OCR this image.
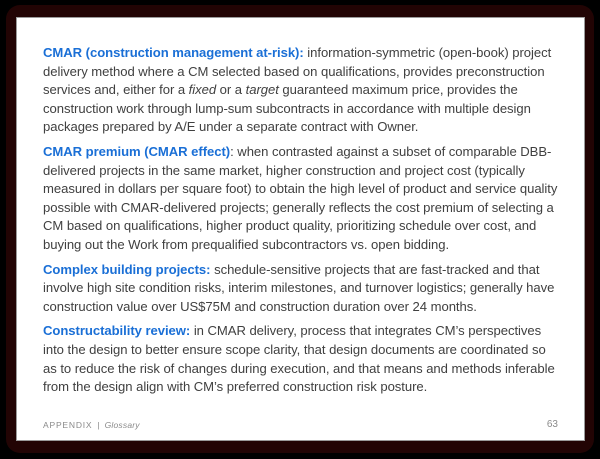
CMAR (construction management at-risk): information-symmetric (open-book) project delivery method where a CM selected based on qualifications, provides preconstruction services and, either for a fixed or a target guaranteed maximum price, provides the construction work through lump-sum subcontracts in accordance with multiple design packages prepared by A/E under a separate contract with Owner.

CMAR premium (CMAR effect): when contrasted against a subset of comparable DBB-delivered projects in the same market, higher construction and project cost (typically measured in dollars per square foot) to obtain the high level of product and service quality possible with CMAR-delivered projects; generally reflects the cost premium of selecting a CM based on qualifications, higher product quality, prioritizing schedule over cost, and buying out the Work from prequalified subcontractors vs. open bidding.

Complex building projects: schedule-sensitive projects that are fast-tracked and that involve high site condition risks, interim milestones, and turnover logistics; generally have construction value over US$75M and construction duration over 24 months.

Constructability review: in CMAR delivery, process that integrates CM’s perspectives into the design to better ensure scope clarity, that design documents are coordinated so as to reduce the risk of changes during execution, and that means and methods inferable from the design align with CM’s preferred construction risk posture.

APPENDIX | Glossary	63
